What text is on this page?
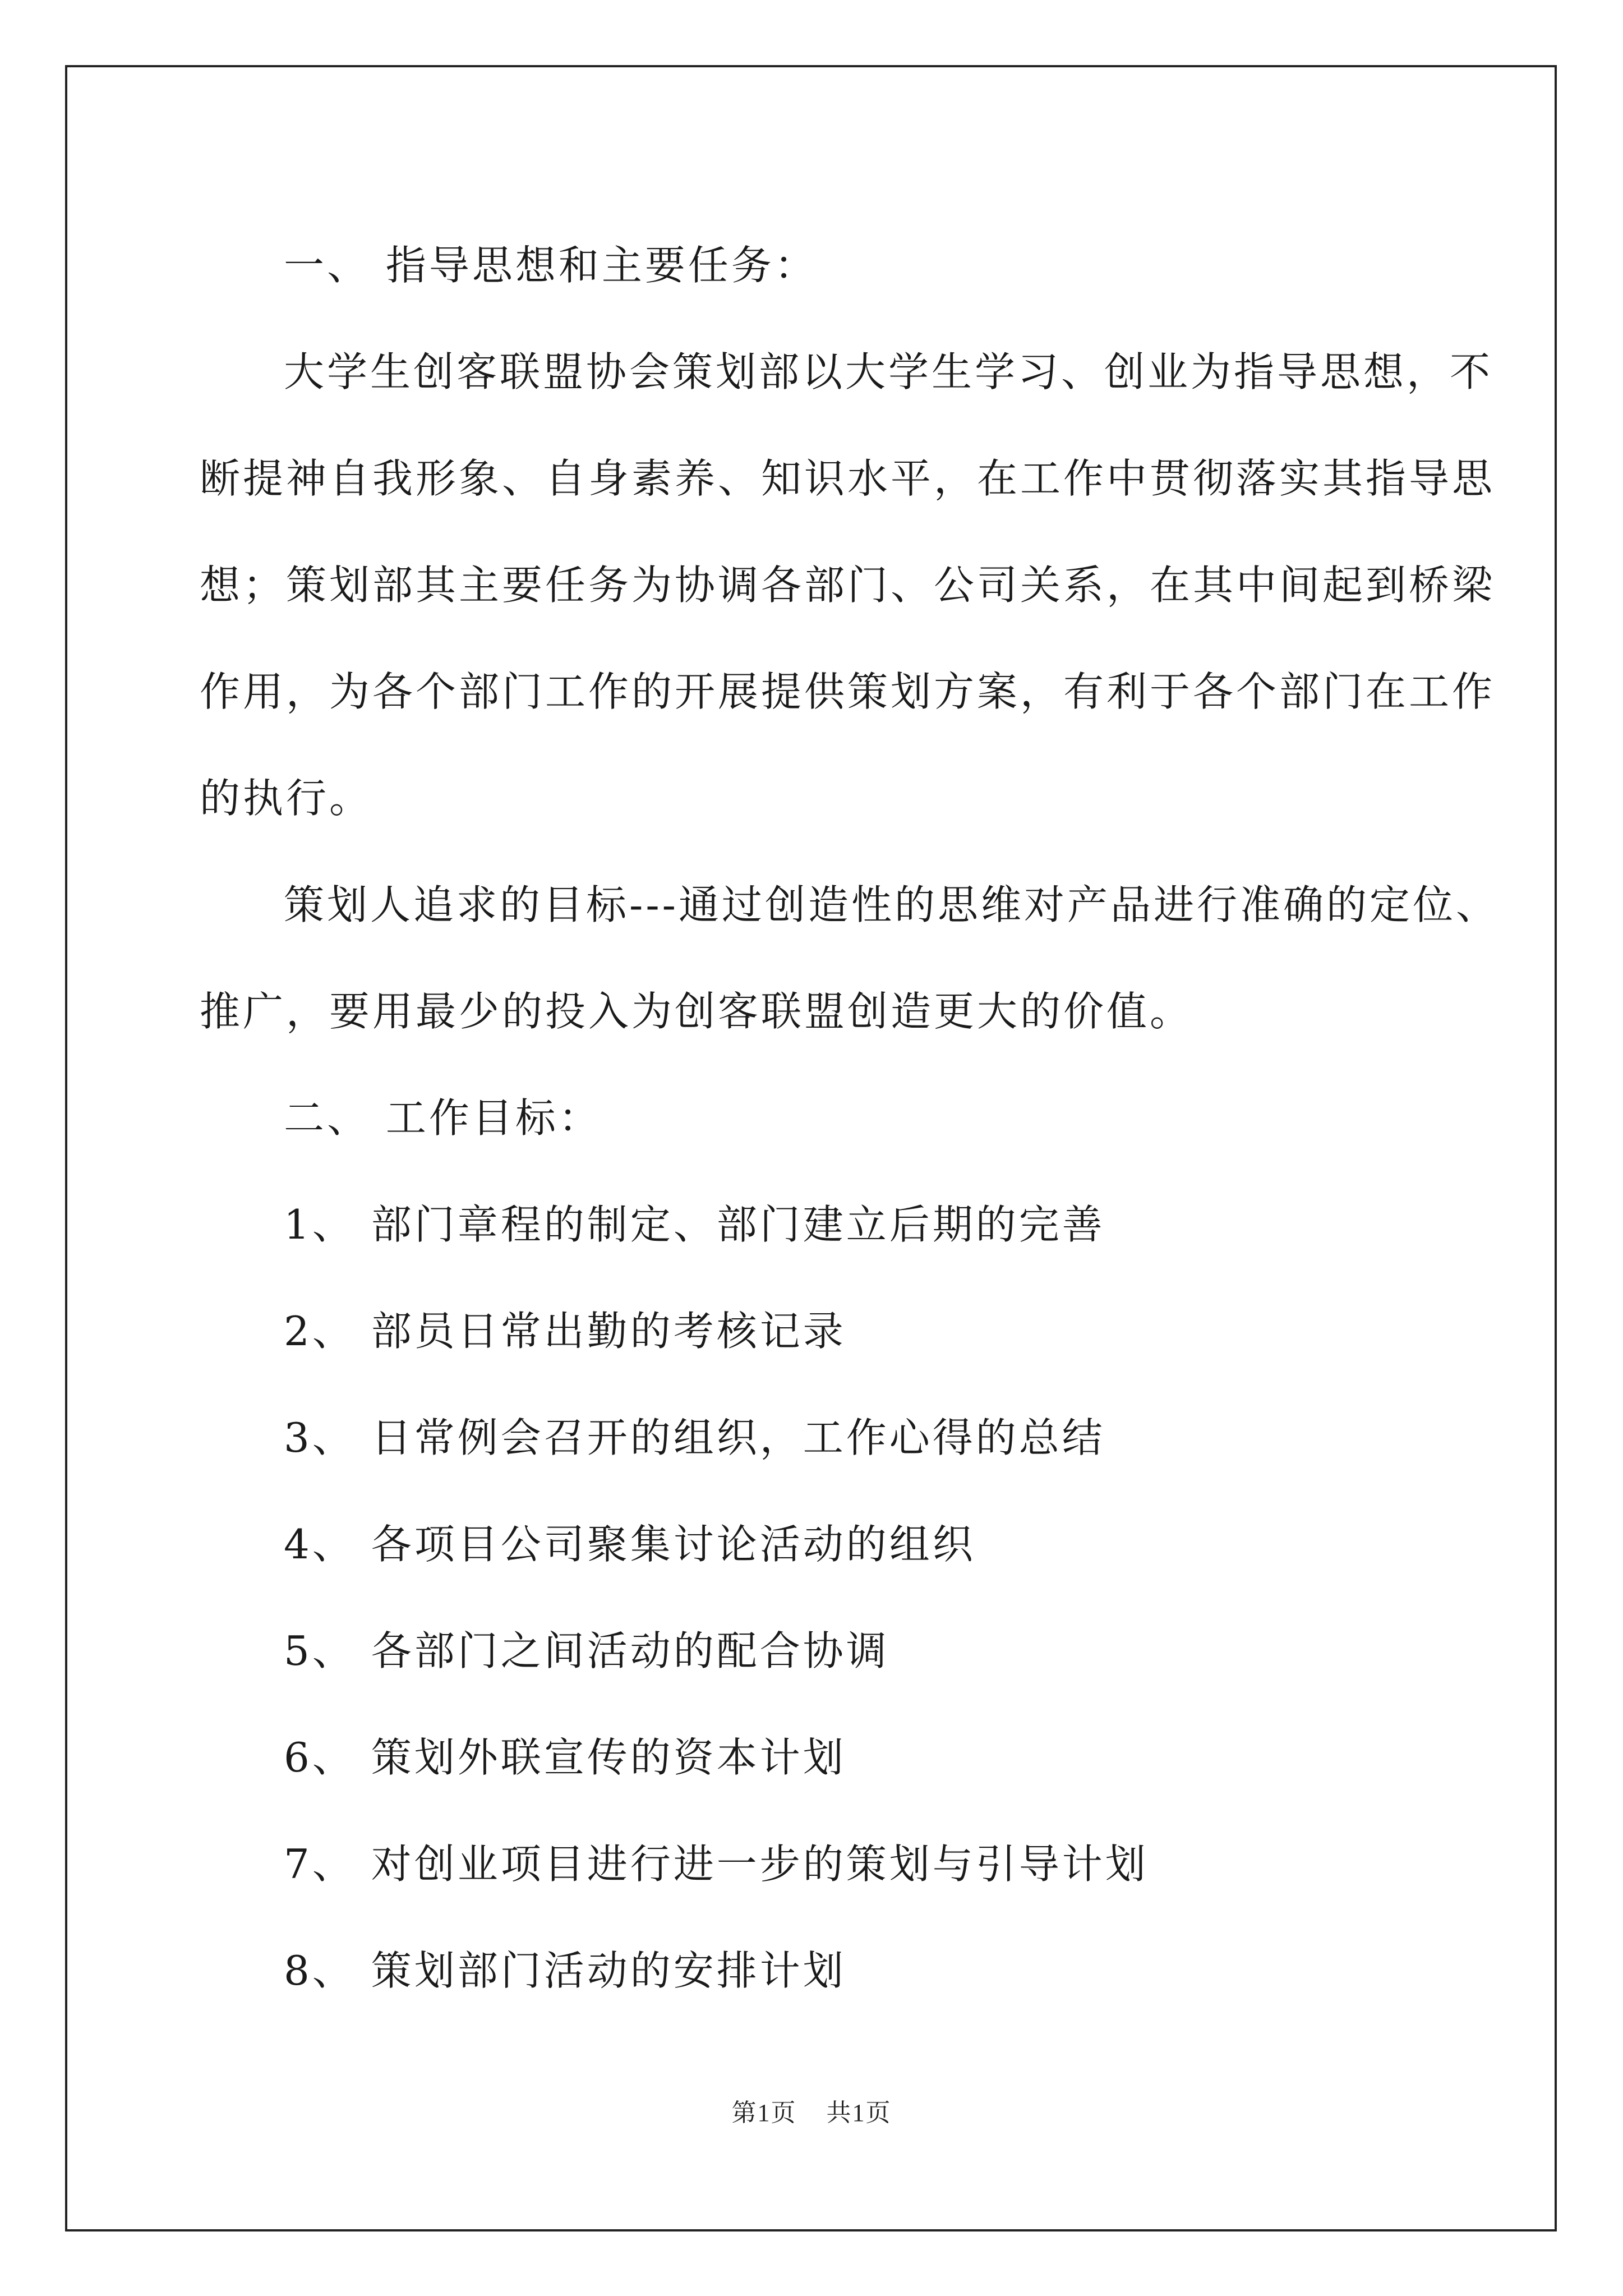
一、 指导思想和主要任务：

大学生创客联盟协会策划部以大学生学习、创业为指导思想，不

断提神自我形象、自身素养、知识水平，在工作中贯彻落实其指导思

想；策划部其主要任务为协调各部门、公司关系，在其中间起到桥梁

作用，为各个部门工作的开展提供策划方案，有利于各个部门在工作

的执行。

策划人追求的目标---通过创造性的思维对产品进行准确的定位、

推广，要用最少的投入为创客联盟创造更大的价值。

二、 工作目标：

1、 部门章程的制定、部门建立后期的完善

2、 部员日常出勤的考核记录

3、 日常例会召开的组织，工作心得的总结

4、 各项目公司聚集讨论活动的组织

5、 各部门之间活动的配合协调

6、 策划外联宣传的资本计划

7、 对创业项目进行进一步的策划与引导计划

8、 策划部门活动的安排计划

第1页 共1页
